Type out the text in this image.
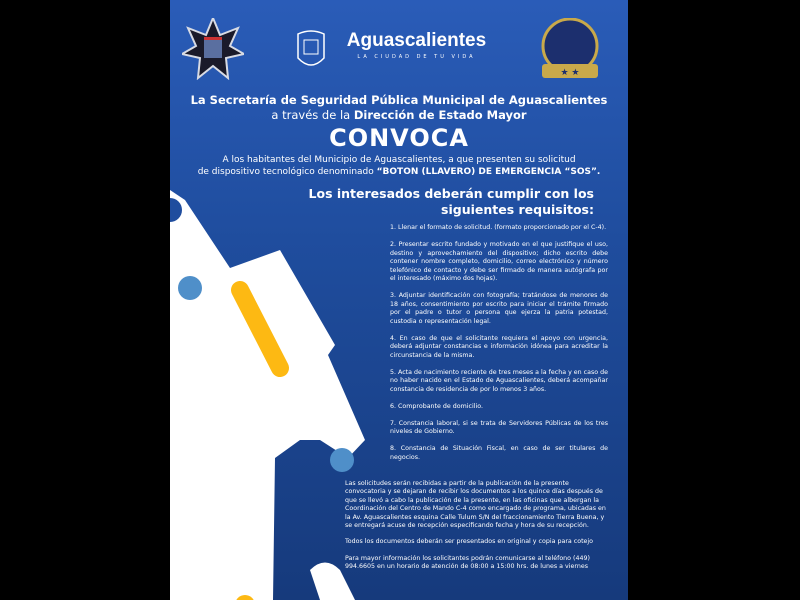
Aguascalientes
LA CIUDAD DE TU VIDA
★ ★
La Secretaría de Seguridad Pública Municipal de Aguascalientes
a través de la Dirección de Estado Mayor
CONVOCA
A los habitantes del Municipio de Aguascalientes, a que presenten su solicitud
de dispositivo tecnológico denominado “BOTON (LLAVERO) DE EMERGENCIA “SOS”.
Los interesados deberán cumplir con los
siguientes requisitos:

1. Llenar el formato de solicitud. (formato proporcionado por el C-4).

2. Presentar escrito fundado y motivado en el que justifique el uso, destino y aprovechamiento del dispositivo; dicho escrito debe contener nombre completo, domicilio, correo electrónico y número telefónico de contacto y debe ser firmado de manera autógrafa por el interesado (máximo dos hojas).

3. Adjuntar identificación con fotografía; tratándose de menores de 18 años, consentimiento por escrito para iniciar el trámite firmado por el padre o tutor o persona que ejerza la patria potestad, custodia o representación legal.

4. En caso de que el solicitante requiera el apoyo con urgencia, deberá adjuntar constancias e información idónea para acreditar la circunstancia de la misma.

5. Acta de nacimiento reciente de tres meses a la fecha y en caso de no haber nacido en el Estado de Aguascalientes, deberá acompañar constancia de residencia de por lo menos 3 años.

6. Comprobante de domicilio.

7. Constancia laboral, si se trata de Servidores Públicas de los tres niveles de Gobierno.

8. Constancia de Situación Fiscal, en caso de ser titulares de negocios.

Las solicitudes serán recibidas a partir de la publicación de la presente convocatoria y se dejaran de recibir los documentos a los quince días después de que se llevó a cabo la publicación de la presente, en las oficinas que albergan la Coordinación del Centro de Mando C-4 como encargado de programa, ubicadas en la Av. Aguascalientes esquina Calle Tulum S/N del fraccionamiento Tierra Buena, y se entregará acuse de recepción especificando fecha y hora de su recepción.

Todos los documentos deberán ser presentados en original y copia para cotejo

Para mayor información los solicitantes podrán comunicarse al teléfono (449) 994.6605 en un horario de atención de 08:00 a 15:00 hrs. de lunes a viernes
